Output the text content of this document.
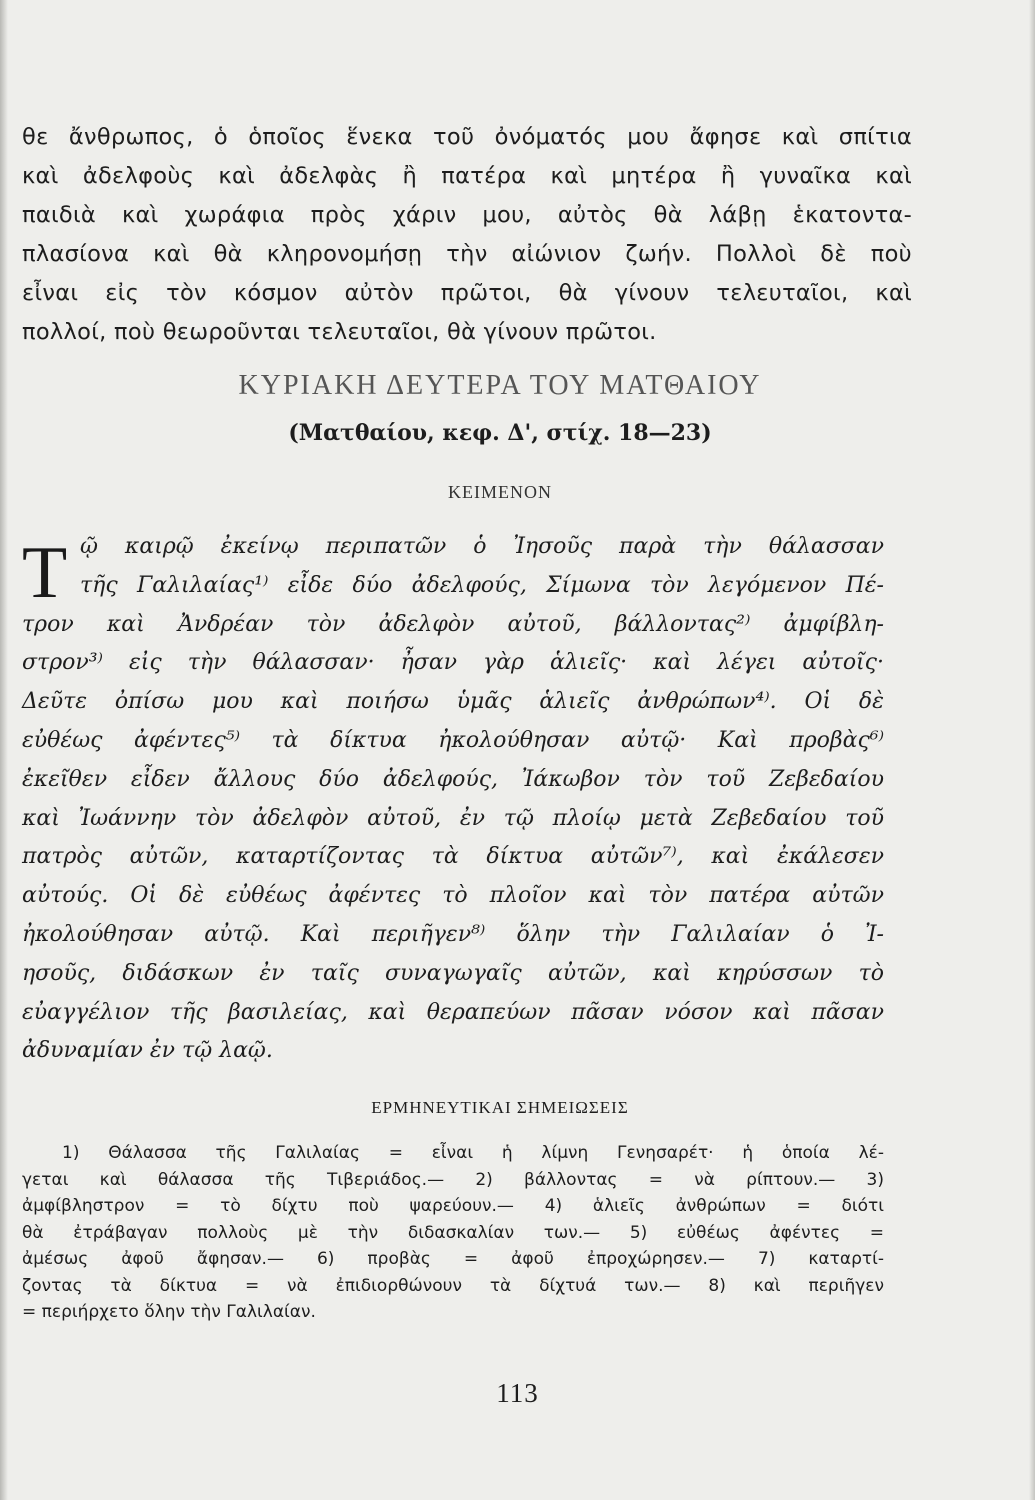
θε ἄνθρωπος, ὁ ὁποῖος ἕνεκα τοῦ ὀνόματός μου ἄφησε καὶ σπίτια
καὶ ἀδελφοὺς καὶ ἀδελφὰς ἢ πατέρα καὶ μητέρα ἢ γυναῖκα καὶ
παιδιὰ καὶ χωράφια πρὸς χάριν μου, αὐτὸς θὰ λάβῃ ἑκατοντα-
πλασίονα καὶ θὰ κληρονομήσῃ τὴν αἰώνιον ζωήν. Πολλοὶ δὲ ποὺ
εἶναι εἰς τὸν κόσμον αὐτὸν πρῶτοι, θὰ γίνουν τελευταῖοι, καὶ
πολλοί, ποὺ θεωροῦνται τελευταῖοι, θὰ γίνουν πρῶτοι.
ΚΥΡΙΑΚΗ ΔΕΥΤΕΡΑ ΤΟΥ ΜΑΤΘΑΙΟΥ
(Ματθαίου, κεφ. Δ', στίχ. 18—23)
ΚΕΙΜΕΝΟΝ
Τ ῷ καιρῷ ἐκείνῳ περιπατῶν ὁ Ἰησοῦς παρὰ τὴν θάλασσαν
τῆς Γαλιλαίας¹⁾ εἶδε δύο ἀδελφούς, Σίμωνα τὸν λεγόμενον Πέ-
τρον καὶ Ἀνδρέαν τὸν ἀδελφὸν αὐτοῦ, βάλλοντας²⁾ ἀμφίβλη-
στρον³⁾ εἰς τὴν θάλασσαν· ἦσαν γὰρ ἁλιεῖς· καὶ λέγει αὐτοῖς·
Δεῦτε ὀπίσω μου καὶ ποιήσω ὑμᾶς ἁλιεῖς ἀνθρώπων⁴⁾. Οἱ δὲ
εὐθέως ἀφέντες⁵⁾ τὰ δίκτυα ἠκολούθησαν αὐτῷ· Καὶ προβὰς⁶⁾
ἐκεῖθεν εἶδεν ἄλλους δύο ἀδελφούς, Ἰάκωβον τὸν τοῦ Ζεβεδαίου
καὶ Ἰωάννην τὸν ἀδελφὸν αὐτοῦ, ἐν τῷ πλοίῳ μετὰ Ζεβεδαίου τοῦ
πατρὸς αὐτῶν, καταρτίζοντας τὰ δίκτυα αὐτῶν⁷⁾, καὶ ἐκάλεσεν
αὐτούς. Οἱ δὲ εὐθέως ἀφέντες τὸ πλοῖον καὶ τὸν πατέρα αὐτῶν
ἠκολούθησαν αὐτῷ. Καὶ περιῆγεν⁸⁾ ὅλην τὴν Γαλιλαίαν ὁ Ἰ-
ησοῦς, διδάσκων ἐν ταῖς συναγωγαῖς αὐτῶν, καὶ κηρύσσων τὸ
εὐαγγέλιον τῆς βασιλείας, καὶ θεραπεύων πᾶσαν νόσον καὶ πᾶσαν
ἀδυναμίαν ἐν τῷ λαῷ.
ΕΡΜΗΝΕΥΤΙΚΑΙ ΣΗΜΕΙΩΣΕΙΣ
1) Θάλασσα τῆς Γαλιλαίας = εἶναι ἡ λίμνη Γενησαρέτ· ἡ ὁποία λέ-
γεται καὶ θάλασσα τῆς Τιβεριάδος.— 2) βάλλοντας = νὰ ρίπτουν.— 3)
ἀμφίβληστρον = τὸ δίχτυ ποὺ ψαρεύουν.— 4) ἁλιεῖς ἀνθρώπων = διότι
θὰ ἐτράβαγαν πολλοὺς μὲ τὴν διδασκαλίαν των.— 5) εὐθέως ἀφέντες =
ἀμέσως ἀφοῦ ἄφησαν.— 6) προβὰς = ἀφοῦ ἐπροχώρησεν.— 7) καταρτί-
ζοντας τὰ δίκτυα = νὰ ἐπιδιορθώνουν τὰ δίχτυά των.— 8) καὶ περιῆγεν
= περιήρχετο ὅλην τὴν Γαλιλαίαν.
113
